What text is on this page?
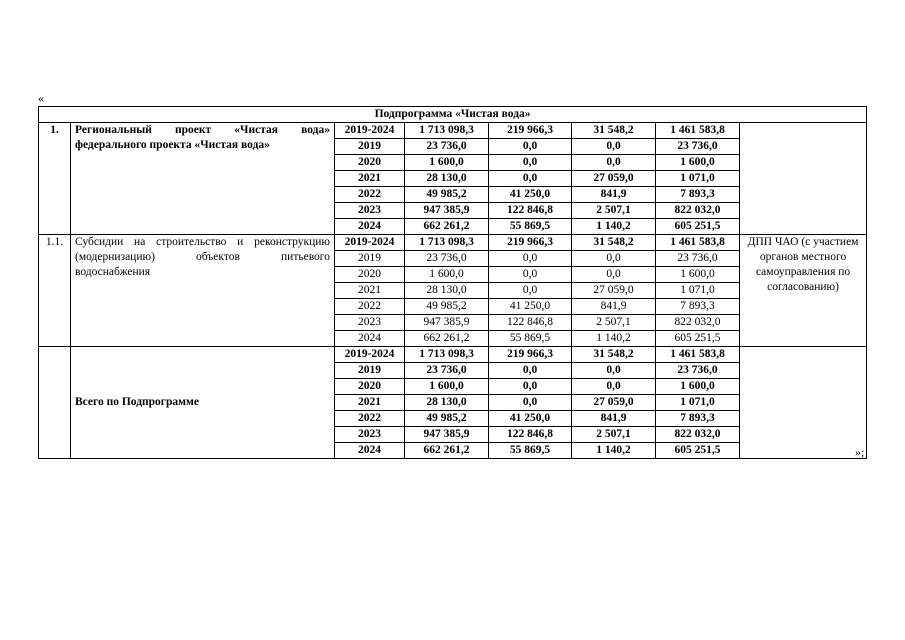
«
Подпрограмма «Чистая вода»							
1.	Региональный проект «Чистая вода» федерального проекта «Чистая вода»	2019-2024	1 713 098,3	219 966,3	31 548,2	1 461 583,8	
		2019	23 736,0	0,0	0,0	23 736,0	
		2020	1 600,0	0,0	0,0	1 600,0	
		2021	28 130,0	0,0	27 059,0	1 071,0	
		2022	49 985,2	41 250,0	841,9	7 893,3	
		2023	947 385,9	122 846,8	2 507,1	822 032,0	
		2024	662 261,2	55 869,5	1 140,2	605 251,5	
1.1.	Субсидии на строительство и реконструкцию (модернизацию) объектов питьевого водоснабжения	2019-2024	1 713 098,3	219 966,3	31 548,2	1 461 583,8	ДПП ЧАО (с участием органов местного самоуправления по согласованию)
		2019	23 736,0	0,0	0,0	23 736,0	
		2020	1 600,0	0,0	0,0	1 600,0	
		2021	28 130,0	0,0	27 059,0	1 071,0	
		2022	49 985,2	41 250,0	841,9	7 893,3	
		2023	947 385,9	122 846,8	2 507,1	822 032,0	
		2024	662 261,2	55 869,5	1 140,2	605 251,5	
	Всего по Подпрограмме	2019-2024	1 713 098,3	219 966,3	31 548,2	1 461 583,8	
		2019	23 736,0	0,0	0,0	23 736,0	
		2020	1 600,0	0,0	0,0	1 600,0	
		2021	28 130,0	0,0	27 059,0	1 071,0	
		2022	49 985,2	41 250,0	841,9	7 893,3	
		2023	947 385,9	122 846,8	2 507,1	822 032,0	
		2024	662 261,2	55 869,5	1 140,2	605 251,5		»;
